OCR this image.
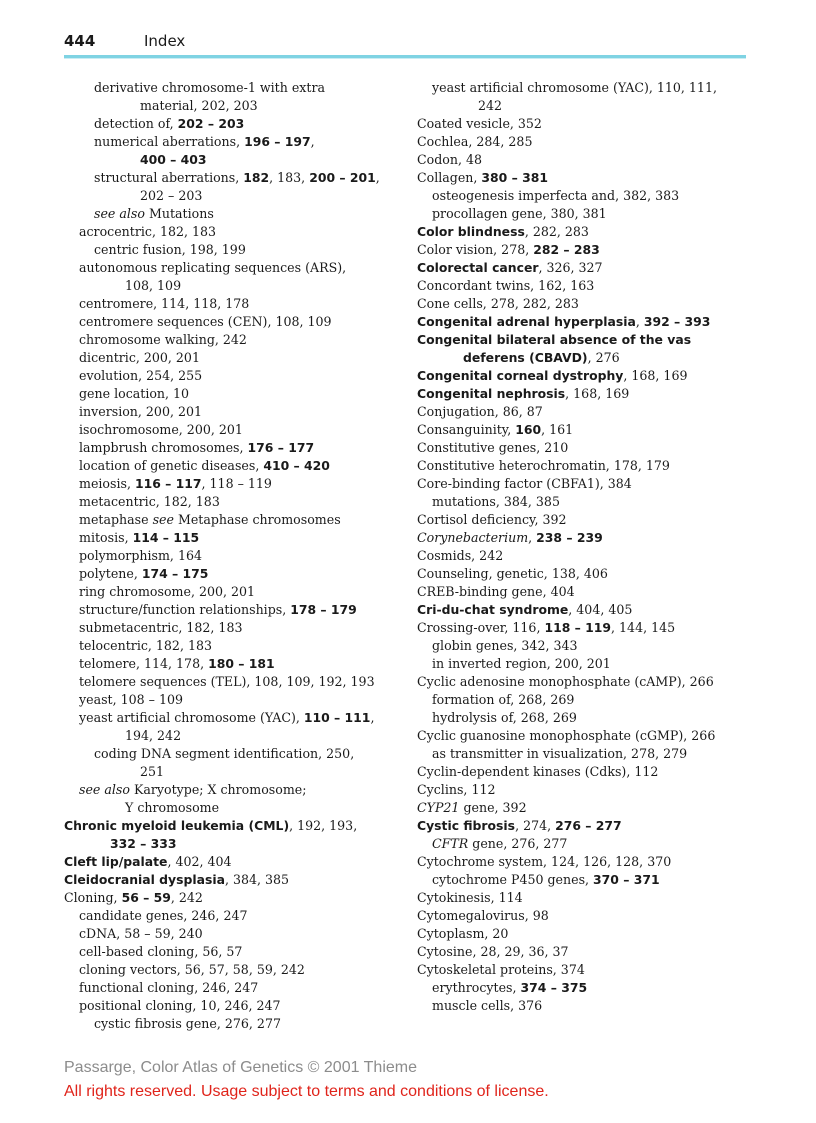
444	Index
derivative chromosome-1 with extra
material, 202, 203
detection of, 202 – 203
numerical aberrations, 196 – 197,
400 – 403
structural aberrations, 182, 183, 200 – 201,
202 – 203
see also Mutations
acrocentric, 182, 183
centric fusion, 198, 199
autonomous replicating sequences (ARS),
108, 109
centromere, 114, 118, 178
centromere sequences (CEN), 108, 109
chromosome walking, 242
dicentric, 200, 201
evolution, 254, 255
gene location, 10
inversion, 200, 201
isochromosome, 200, 201
lampbrush chromosomes, 176 – 177
location of genetic diseases, 410 – 420
meiosis, 116 – 117, 118 – 119
metacentric, 182, 183
metaphase see Metaphase chromosomes
mitosis, 114 – 115
polymorphism, 164
polytene, 174 – 175
ring chromosome, 200, 201
structure/function relationships, 178 – 179
submetacentric, 182, 183
telocentric, 182, 183
telomere, 114, 178, 180 – 181
telomere sequences (TEL), 108, 109, 192, 193
yeast, 108 – 109
yeast artificial chromosome (YAC), 110 – 111,
194, 242
coding DNA segment identification, 250,
251
see also Karyotype; X chromosome;
Y chromosome
Chronic myeloid leukemia (CML), 192, 193,
332 – 333
Cleft lip/palate, 402, 404
Cleidocranial dysplasia, 384, 385
Cloning, 56 – 59, 242
candidate genes, 246, 247
cDNA, 58 – 59, 240
cell-based cloning, 56, 57
cloning vectors, 56, 57, 58, 59, 242
functional cloning, 246, 247
positional cloning, 10, 246, 247
cystic fibrosis gene, 276, 277
yeast artificial chromosome (YAC), 110, 111,
242
Coated vesicle, 352
Cochlea, 284, 285
Codon, 48
Collagen, 380 – 381
osteogenesis imperfecta and, 382, 383
procollagen gene, 380, 381
Color blindness, 282, 283
Color vision, 278, 282 – 283
Colorectal cancer, 326, 327
Concordant twins, 162, 163
Cone cells, 278, 282, 283
Congenital adrenal hyperplasia, 392 – 393
Congenital bilateral absence of the vas
deferens (CBAVD), 276
Congenital corneal dystrophy, 168, 169
Congenital nephrosis, 168, 169
Conjugation, 86, 87
Consanguinity, 160, 161
Constitutive genes, 210
Constitutive heterochromatin, 178, 179
Core-binding factor (CBFA1), 384
mutations, 384, 385
Cortisol deficiency, 392
Corynebacterium, 238 – 239
Cosmids, 242
Counseling, genetic, 138, 406
CREB-binding gene, 404
Cri-du-chat syndrome, 404, 405
Crossing-over, 116, 118 – 119, 144, 145
globin genes, 342, 343
in inverted region, 200, 201
Cyclic adenosine monophosphate (cAMP), 266
formation of, 268, 269
hydrolysis of, 268, 269
Cyclic guanosine monophosphate (cGMP), 266
as transmitter in visualization, 278, 279
Cyclin-dependent kinases (Cdks), 112
Cyclins, 112
CYP21 gene, 392
Cystic fibrosis, 274, 276 – 277
CFTR gene, 276, 277
Cytochrome system, 124, 126, 128, 370
cytochrome P450 genes, 370 – 371
Cytokinesis, 114
Cytomegalovirus, 98
Cytoplasm, 20
Cytosine, 28, 29, 36, 37
Cytoskeletal proteins, 374
erythrocytes, 374 – 375
muscle cells, 376
Passarge, Color Atlas of Genetics © 2001 Thieme
All rights reserved. Usage subject to terms and conditions of license.
